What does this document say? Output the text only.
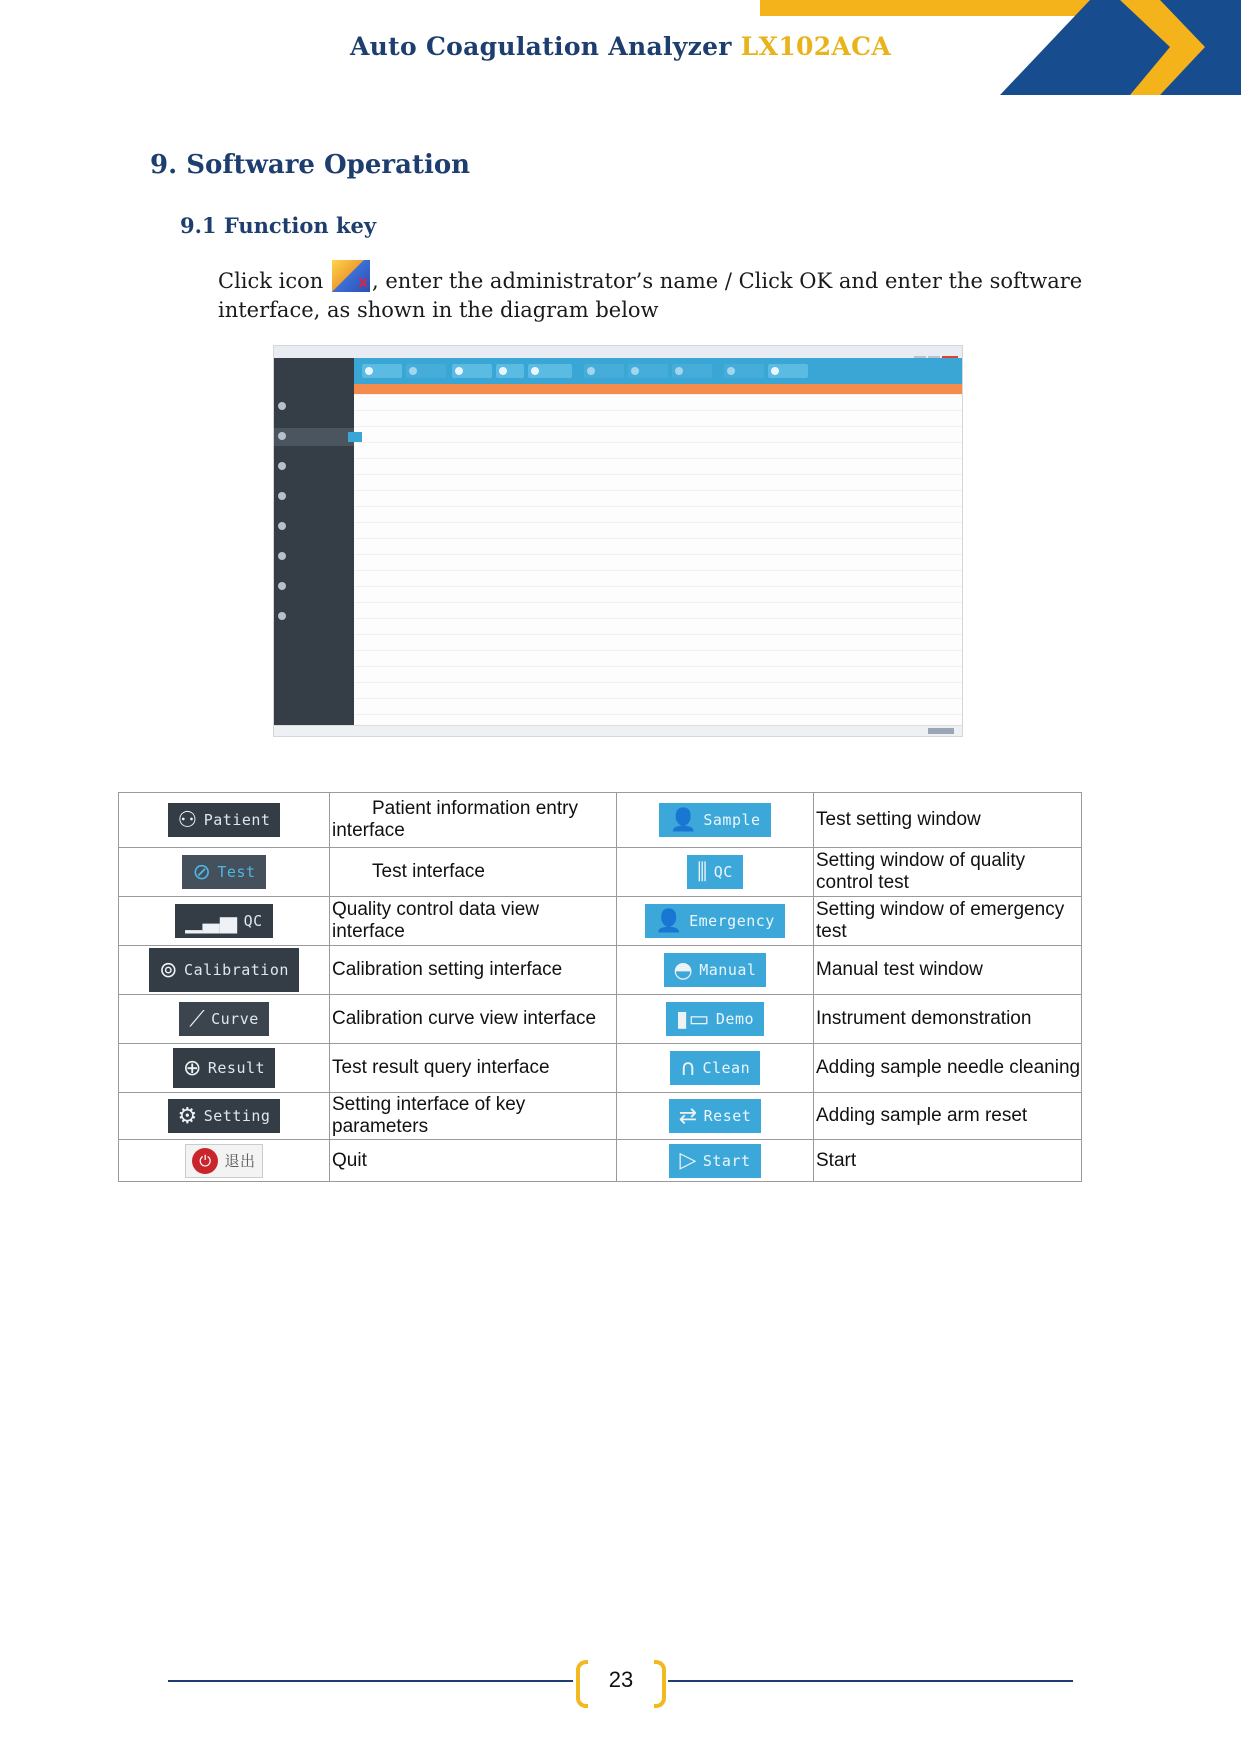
Auto Coagulation Analyzer LX102ACA
9. Software Operation
9.1 Function key
Click icon x , enter the administrator’s name / Click OK and enter the software interface, as shown in the diagram below
⚇ Patient	Patient information entry interface	👤 Sample	Test setting window

⊘ Test	Test interface	⫼ QC	Setting window of quality control test

▁▃▅ QC	Quality control data view interface	👤 Emergency	Setting window of emergency test

⊚ Calibration	Calibration setting interface	◓ Manual	Manual test window

⟋ Curve	Calibration curve view interface	▮▭ Demo	Instrument demonstration

⊕ Result	Test result query interface	∩ Clean	Adding sample needle cleaning

⚙ Setting	Setting interface of key parameters	⇄ Reset	Adding sample arm reset

⏻ 退出	Quit	▷ Start	Start
23
